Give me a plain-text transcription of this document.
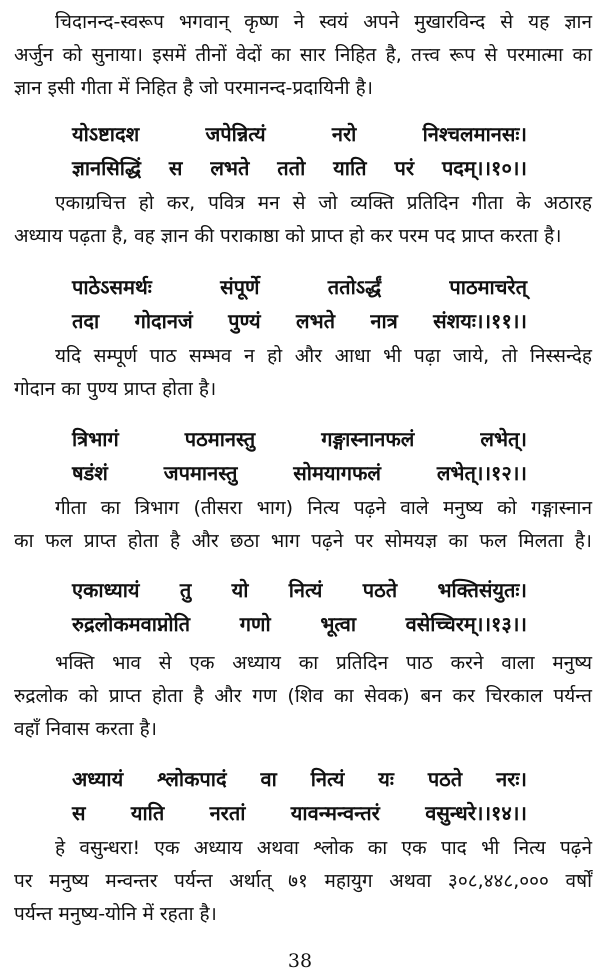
चिदानन्द-स्वरूप भगवान् कृष्ण ने स्वयं अपने मुखारविन्द से यह ज्ञान
अर्जुन को सुनाया। इसमें तीनों वेदों का सार निहित है, तत्त्व रूप से परमात्मा का
ज्ञान इसी गीता में निहित है जो परमानन्द-प्रदायिनी है।
योऽष्टादश जपेन्नित्यं नरो निश्चलमानसः।
ज्ञानसिद्धिं स लभते ततो याति परं पदम्।।१०।।
एकाग्रचित्त हो कर, पवित्र मन से जो व्यक्ति प्रतिदिन गीता के अठारह
अध्याय पढ़ता है, वह ज्ञान की पराकाष्ठा को प्राप्त हो कर परम पद प्राप्त करता है।
पाठेऽसमर्थः संपूर्णे ततोऽर्द्धं पाठमाचरेत्
तदा गोदानजं पुण्यं लभते नात्र संशयः।।११।।
यदि सम्पूर्ण पाठ सम्भव न हो और आधा भी पढ़ा जाये, तो निस्सन्देह
गोदान का पुण्य प्राप्त होता है।
त्रिभागं पठमानस्तु गङ्गास्नानफलं लभेत्।
षडंशं जपमानस्तु सोमयागफलं लभेत्।।१२।।
गीता का त्रिभाग (तीसरा भाग) नित्य पढ़ने वाले मनुष्य को गङ्गास्नान
का फल प्राप्त होता है और छठा भाग पढ़ने पर सोमयज्ञ का फल मिलता है।
एकाध्यायं तु यो नित्यं पठते भक्तिसंयुतः।
रुद्रलोकमवाप्नोति गणो भूत्वा वसेच्चिरम्।।१३।।
भक्ति भाव से एक अध्याय का प्रतिदिन पाठ करने वाला मनुष्य
रुद्रलोक को प्राप्त होता है और गण (शिव का सेवक) बन कर चिरकाल पर्यन्त
वहाँ निवास करता है।
अध्यायं श्लोकपादं वा नित्यं यः पठते नरः।
स याति नरतां यावन्मन्वन्तरं वसुन्धरे।।१४।।
हे वसुन्धरा! एक अध्याय अथवा श्लोक का एक पाद भी नित्य पढ़ने
पर मनुष्य मन्वन्तर पर्यन्त अर्थात् ७१ महायुग अथवा ३०८,४४८,००० वर्षों
पर्यन्त मनुष्य-योनि में रहता है।
38
